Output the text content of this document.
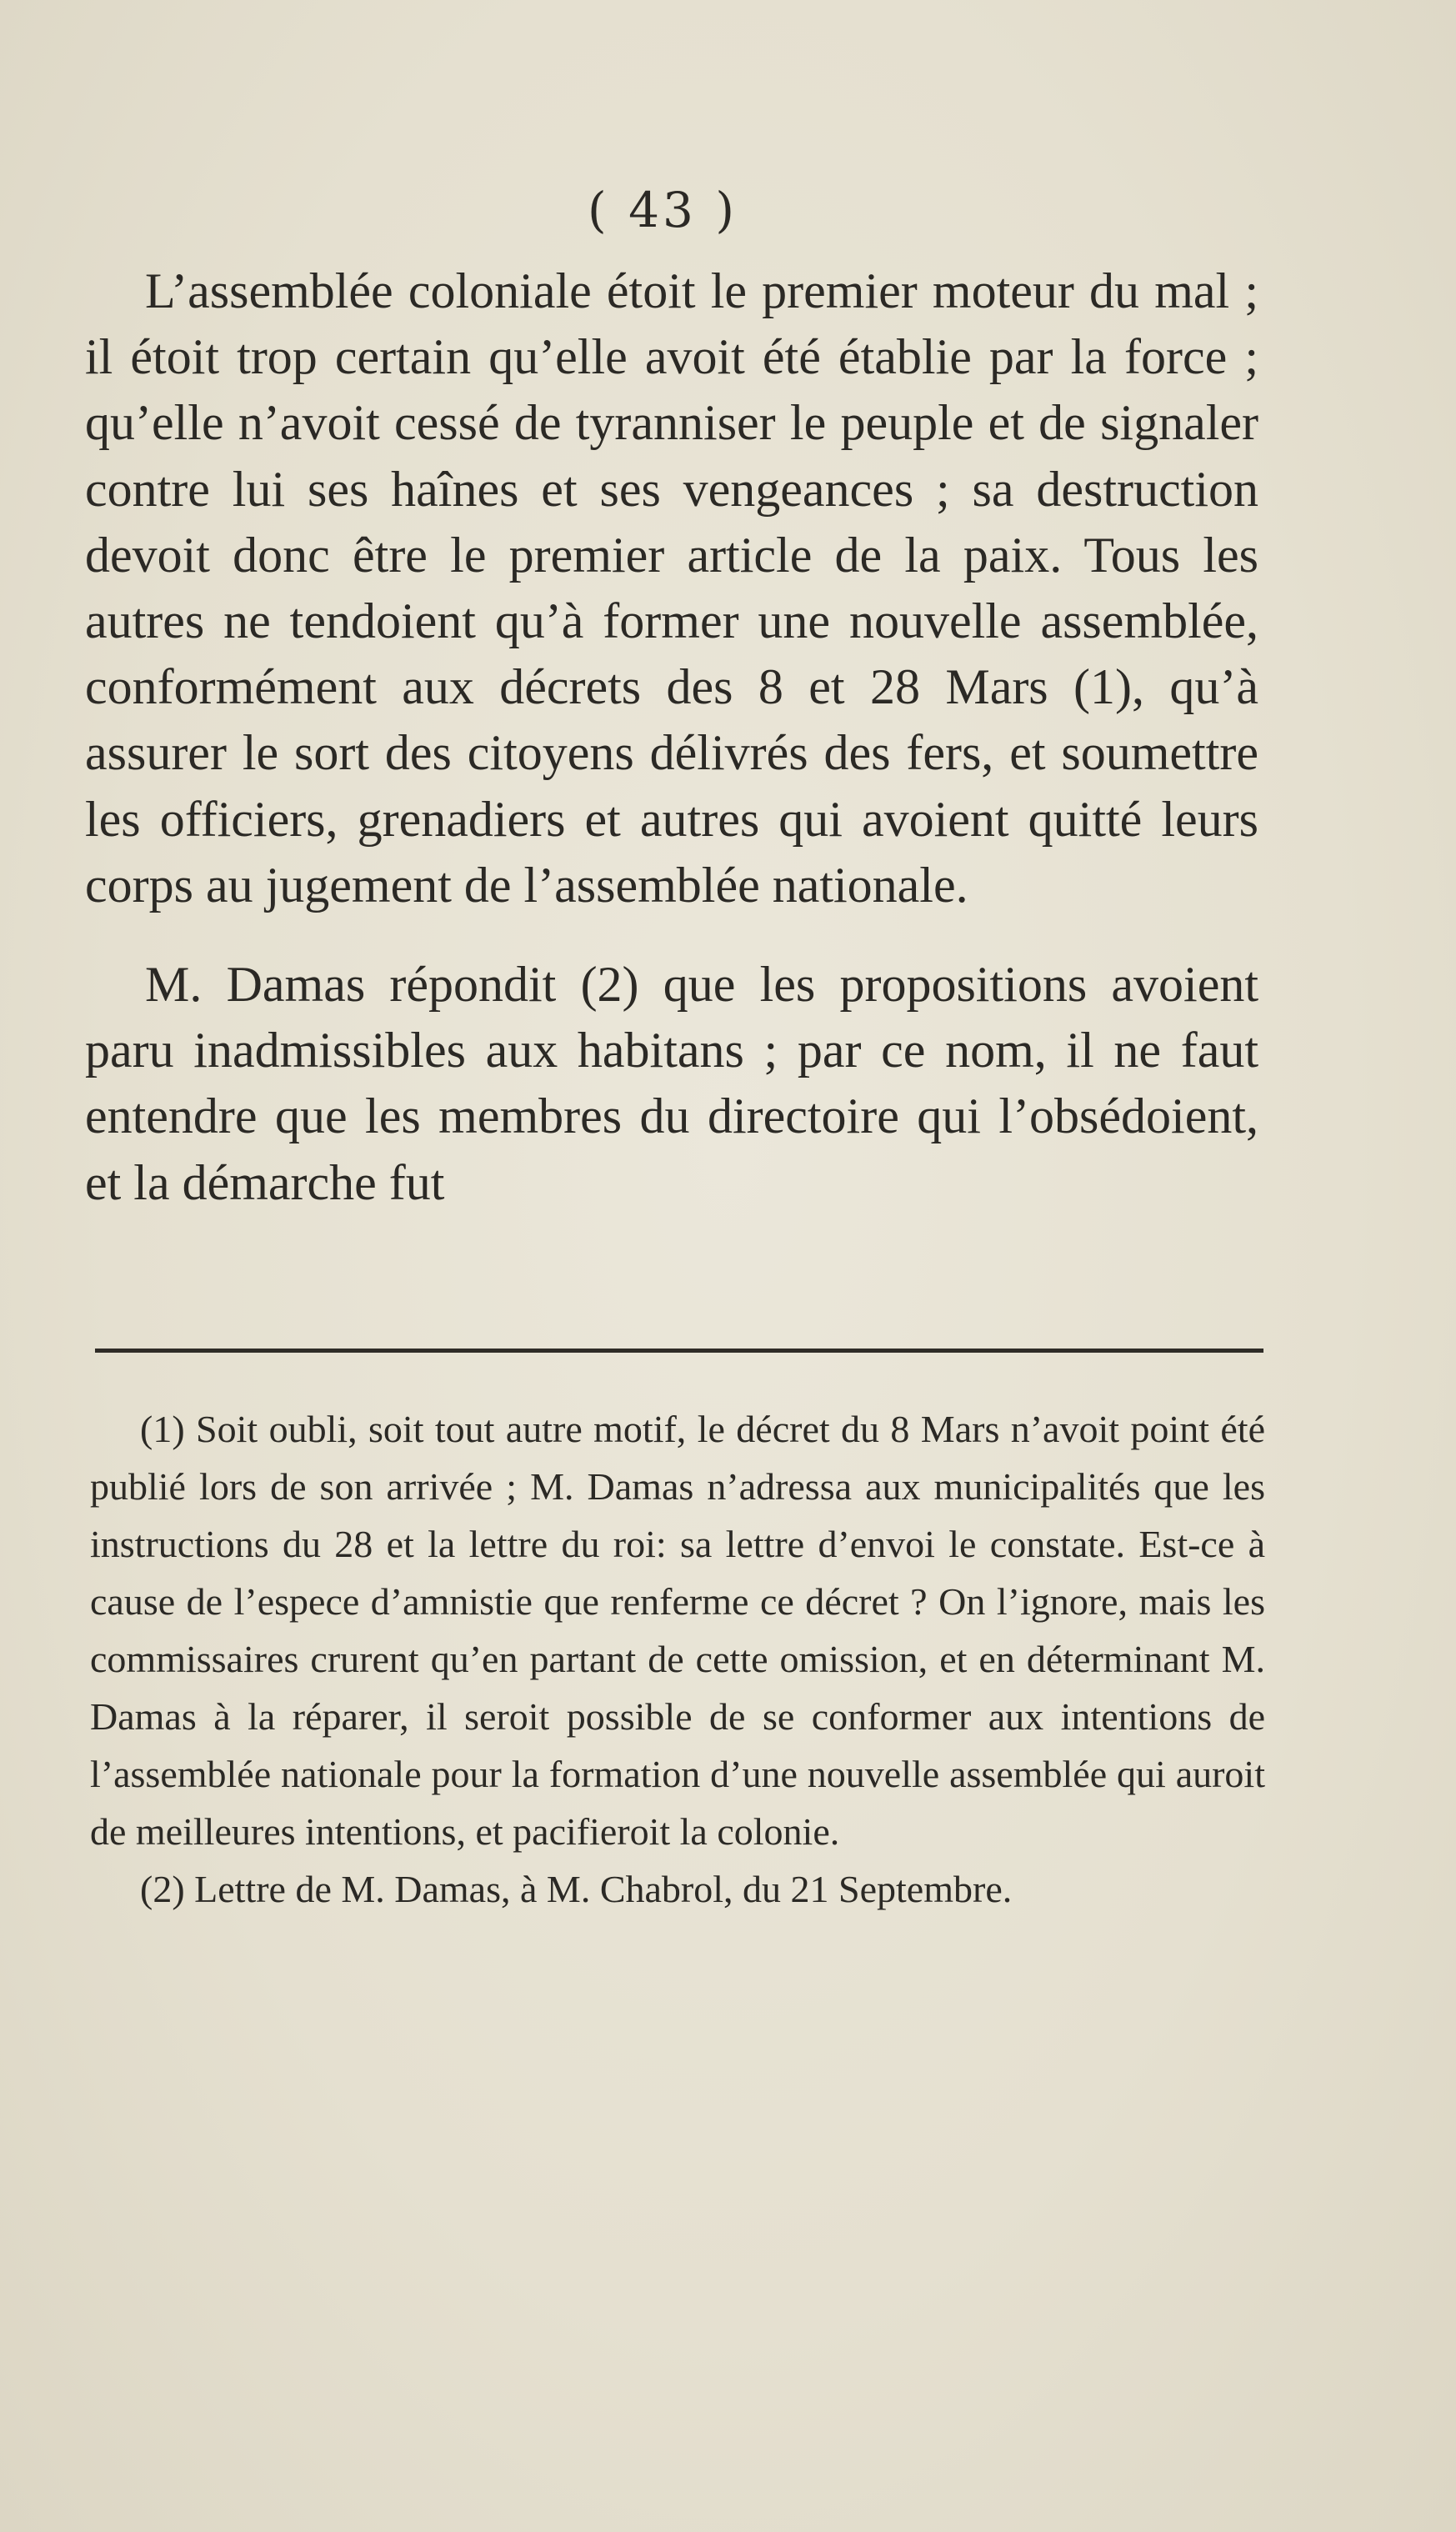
( 43 )

L’assemblée coloniale étoit le premier moteur du mal ; il étoit trop certain qu’elle avoit été établie par la force ; qu’elle n’avoit cessé de tyranniser le peuple et de signaler contre lui ses haînes et ses vengeances ; sa destruction devoit donc être le premier article de la paix. Tous les autres ne tendoient qu’à former une nouvelle assemblée, conformément aux décrets des 8 et 28 Mars (1), qu’à assurer le sort des citoyens délivrés des fers, et soumettre les officiers, grenadiers et autres qui avoient quitté leurs corps au jugement de l’assemblée nationale.

M. Damas répondit (2) que les propositions avoient paru inadmissibles aux habitans ; par ce nom, il ne faut entendre que les membres du directoire qui l’obsédoient, et la démarche fut

(1) Soit oubli, soit tout autre motif, le décret du 8 Mars n’avoit point été publié lors de son arrivée ; M. Damas n’adressa aux municipalités que les instructions du 28 et la lettre du roi: sa lettre d’envoi le constate. Est-ce à cause de l’espece d’amnistie que renferme ce décret ? On l’ignore, mais les commissaires crurent qu’en partant de cette omission, et en déterminant M. Damas à la réparer, il seroit possible de se conformer aux intentions de l’assemblée nationale pour la formation d’une nouvelle assemblée qui auroit de meilleures intentions, et pacifieroit la colonie.

(2) Lettre de M. Damas, à M. Chabrol, du 21 Septembre.
